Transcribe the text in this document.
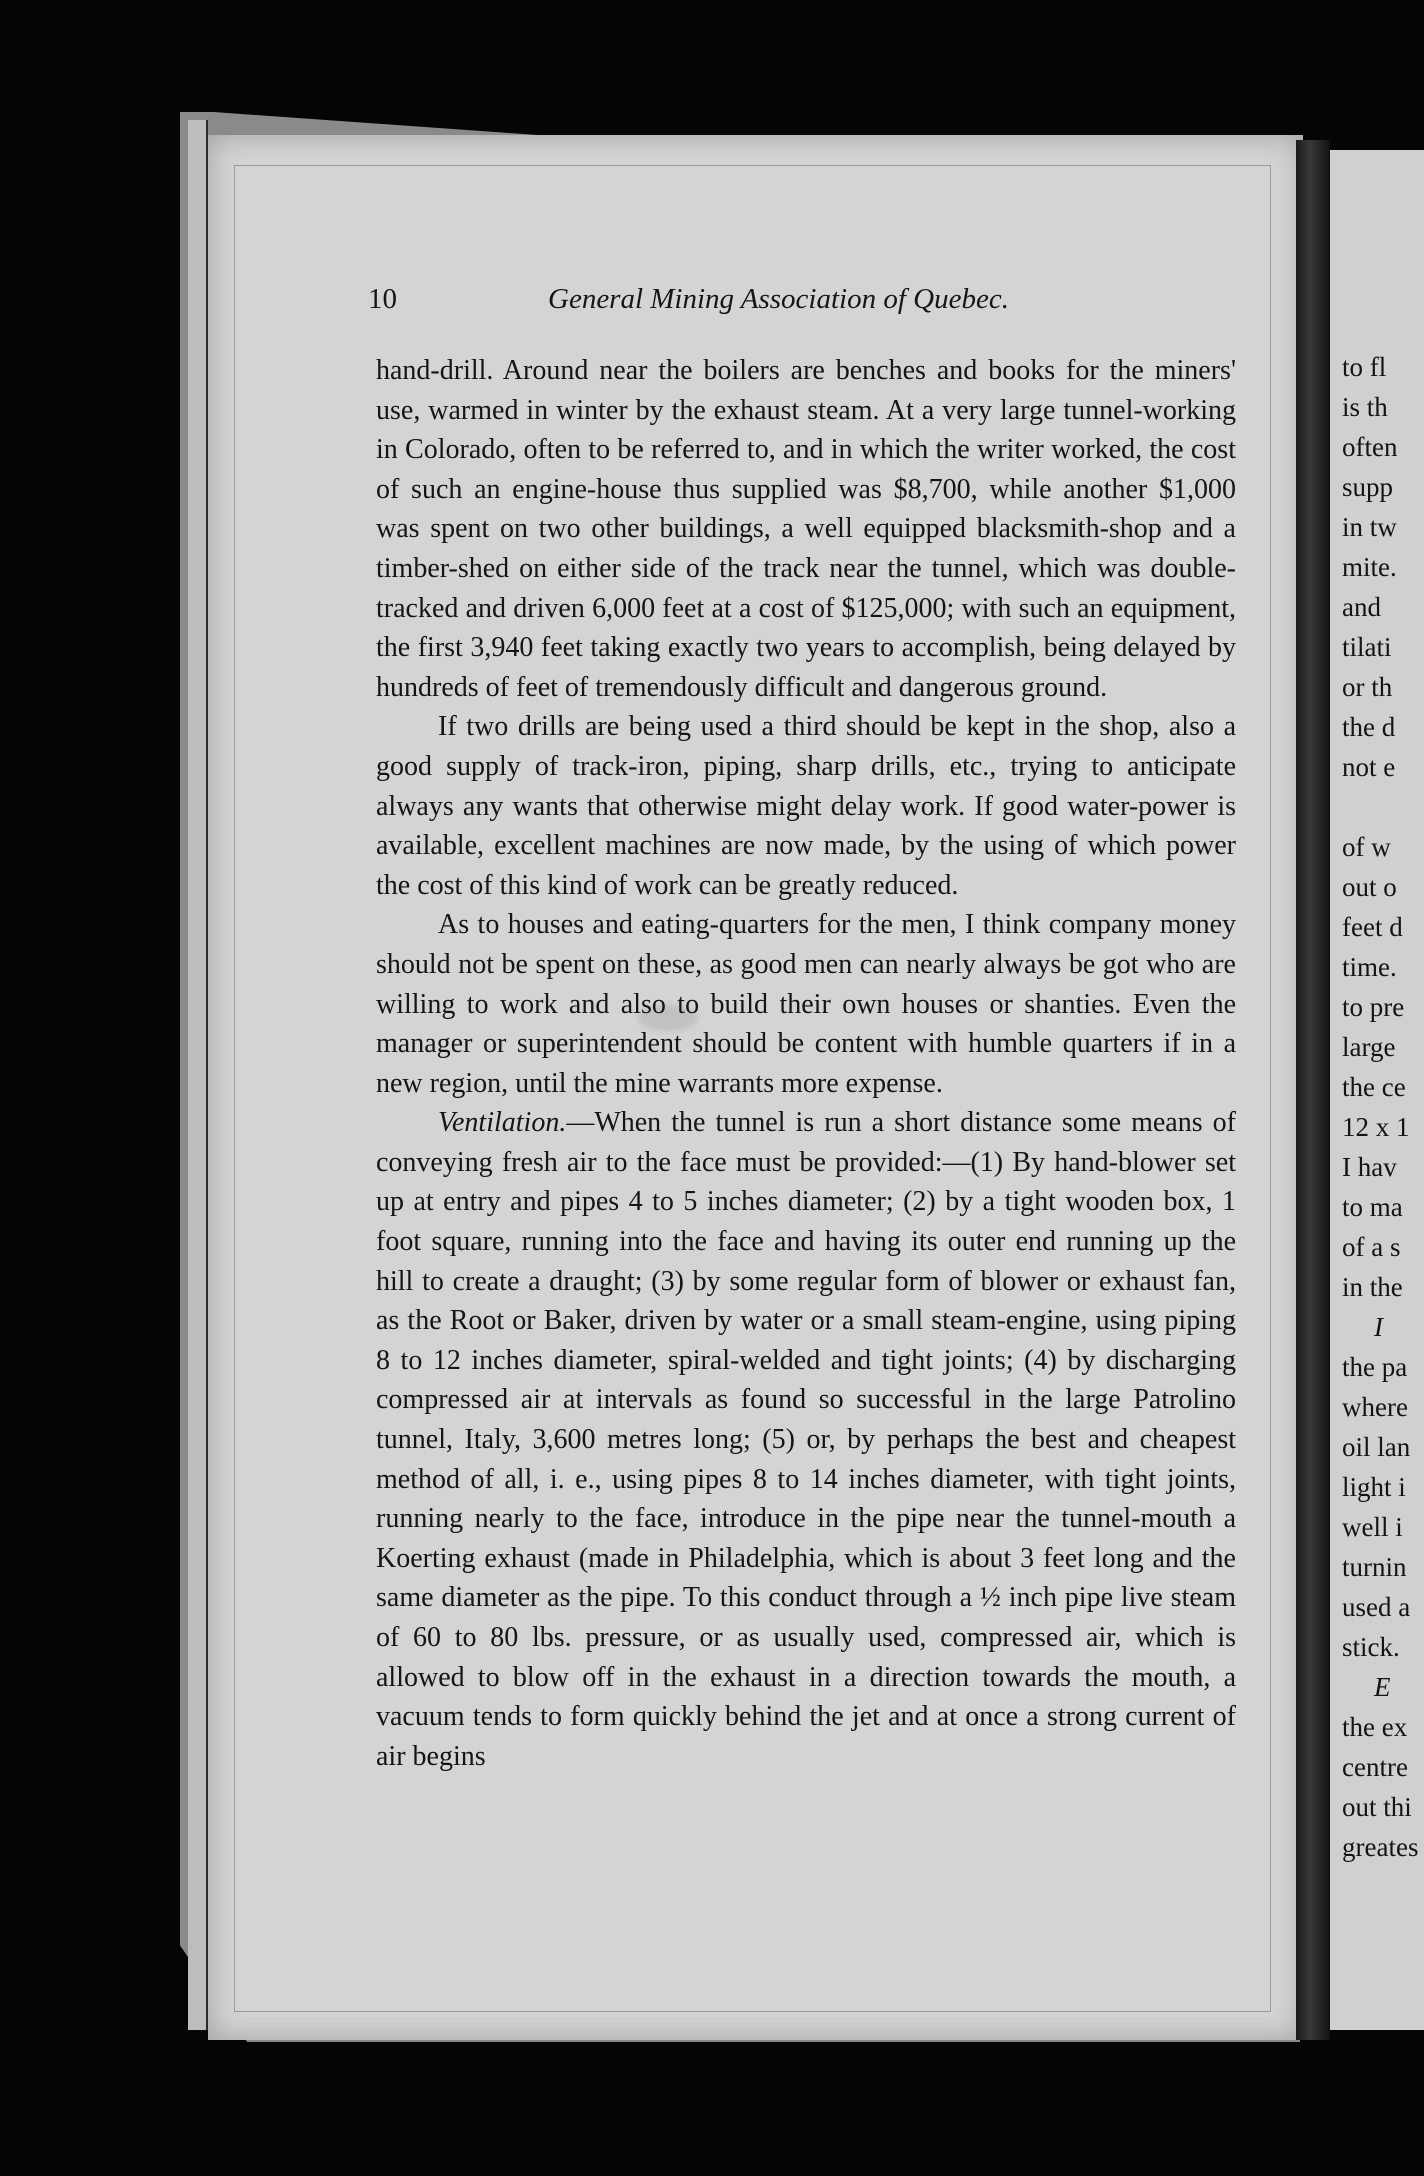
10	General Mining Association of Quebec.

hand-drill. Around near the boilers are benches and books for the miners' use, warmed in winter by the exhaust steam. At a very large tunnel-working in Colorado, often to be referred to, and in which the writer worked, the cost of such an engine-house thus supplied was $8,700, while another $1,000 was spent on two other buildings, a well equipped blacksmith-shop and a timber-shed on either side of the track near the tunnel, which was double-tracked and driven 6,000 feet at a cost of $125,000; with such an equipment, the first 3,940 feet taking exactly two years to accomplish, being delayed by hundreds of feet of tremendously difficult and dangerous ground.

If two drills are being used a third should be kept in the shop, also a good supply of track-iron, piping, sharp drills, etc., trying to anticipate always any wants that otherwise might delay work. If good water-power is available, excellent machines are now made, by the using of which power the cost of this kind of work can be greatly reduced.

As to houses and eating-quarters for the men, I think company money should not be spent on these, as good men can nearly always be got who are willing to work and also to build their own houses or shanties. Even the manager or superintendent should be content with humble quarters if in a new region, until the mine warrants more expense.

Ventilation.—When the tunnel is run a short distance some means of conveying fresh air to the face must be provided:—(1) By hand-blower set up at entry and pipes 4 to 5 inches diameter; (2) by a tight wooden box, 1 foot square, running into the face and having its outer end running up the hill to create a draught; (3) by some regular form of blower or exhaust fan, as the Root or Baker, driven by water or a small steam-engine, using piping 8 to 12 inches diameter, spiral-welded and tight joints; (4) by discharging compressed air at intervals as found so successful in the large Patrolino tunnel, Italy, 3,600 metres long; (5) or, by perhaps the best and cheapest method of all, i. e., using pipes 8 to 14 inches diameter, with tight joints, running nearly to the face, introduce in the pipe near the tunnel-mouth a Koerting exhaust (made in Philadelphia, which is about 3 feet long and the same diameter as the pipe. To this conduct through a ½ inch pipe live steam of 60 to 80 lbs. pressure, or as usually used, compressed air, which is allowed to blow off in the exhaust in a direction towards the mouth, a vacuum tends to form quickly behind the jet and at once a strong current of air begins

to fl
is th
often
supp
in tw
mite.
and
tilati
or th
the d
not e
of w
out o
feet d
time.
to pre
large
the ce
12 x 1
I hav
to ma
of a s
in the
I
the pa
where
oil lan
light i
well i
turnin
used a
stick.
E
the ex
centre
out thi
greates
